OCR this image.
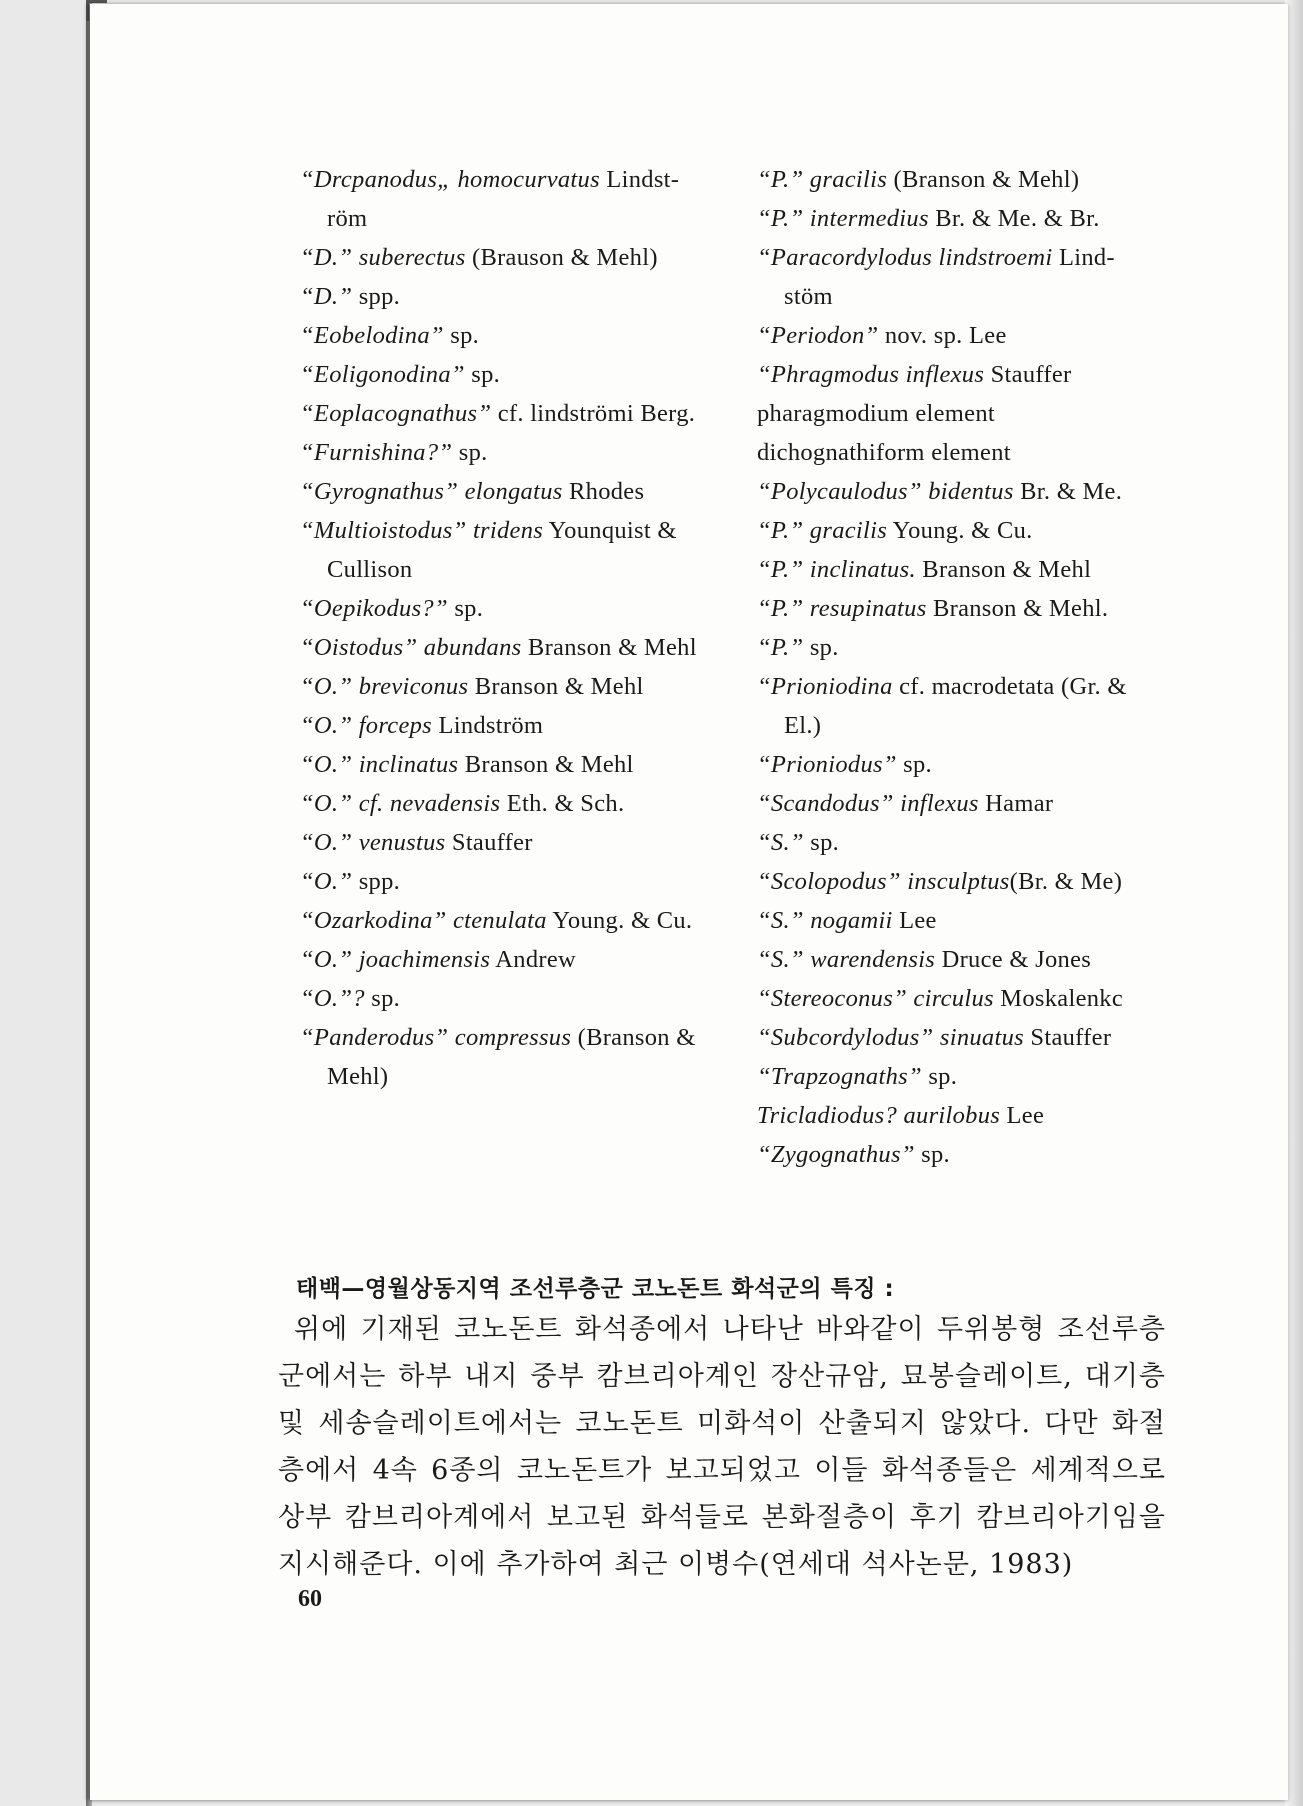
“Drcpanodus„ homocurvatus Lindst- röm
“D.” suberectus (Brauson & Mehl)
“D.” spp.
“Eobelodina” sp.
“Eoligonodina” sp.
“Eoplacognathus” cf. lindströmi Berg.
“Furnishina?” sp.
“Gyrognathus” elongatus Rhodes
“Multioistodus” tridens Younquist & Cullison
“Oepikodus?” sp.
“Oistodus” abundans Branson & Mehl
“O.” breviconus Branson & Mehl
“O.” forceps Lindström
“O.” inclinatus Branson & Mehl
“O.” cf. nevadensis Eth. & Sch.
“O.” venustus Stauffer
“O.” spp.
“Ozarkodina” ctenulata Young. & Cu.
“O.” joachimensis Andrew
“O.”? sp.
“Panderodus” compressus (Branson & Mehl)
“P.” gracilis (Branson & Mehl)
“P.” intermedius Br. & Me. & Br.
“Paracordylodus lindstroemi Lind- stöm
“Periodon” nov. sp. Lee
“Phragmodus inflexus Stauffer
pharagmodium element
dichognathiform element
“Polycaulodus” bidentus Br. & Me.
“P.” gracilis Young. & Cu.
“P.” inclinatus. Branson & Mehl
“P.” resupinatus Branson & Mehl.
“P.” sp.
“Prioniodina cf. macrodetata (Gr. & El.)
“Prioniodus” sp.
“Scandodus” inflexus Hamar
“S.” sp.
“Scolopodus” insculptus(Br. & Me)
“S.” nogamii Lee
“S.” warendensis Druce & Jones
“Stereoconus” circulus Moskalenkc
“Subcordylodus” sinuatus Stauffer
“Trapzognaths” sp.
Tricladiodus? aurilobus Lee
“Zygognathus” sp.
태백—영월상동지역 조선루층군 코노돈트 화석군의 특징 :

위에 기재된 코노돈트 화석종에서 나타난 바와같이 두위봉형 조선루층군에서는 하부 내지 중부 캄브리아계인 장산규암, 묘봉슬레이트, 대기층 및 세송슬레이트에서는 코노돈트 미화석이 산출되지 않았다. 다만 화절층에서 4속 6종의 코노돈트가 보고되었고 이들 화석종들은 세계적으로 상부 캄브리아계에서 보고된 화석들로 본화절층이 후기 캄브리아기임을 지시해준다. 이에 추가하여 최근 이병수(연세대 석사논문, 1983)

60
